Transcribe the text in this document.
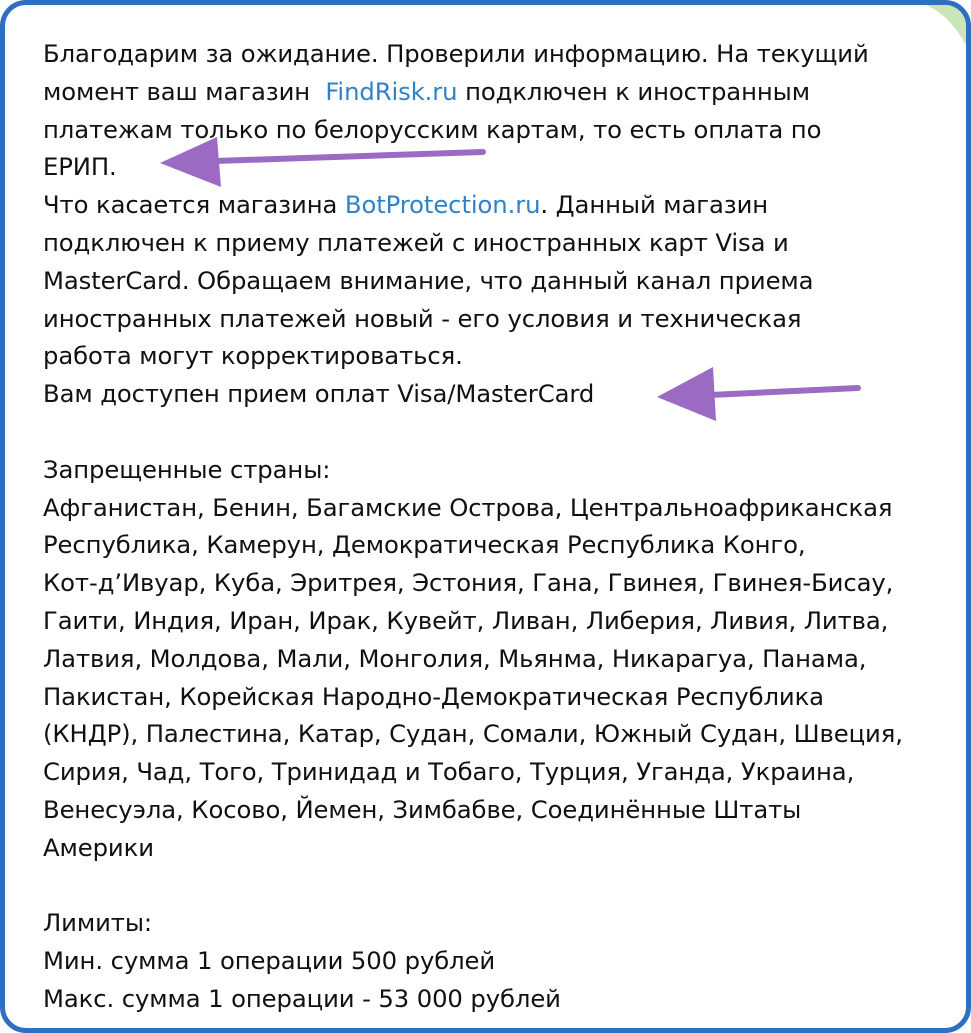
Благодарим за ожидание. Проверили информацию. На текущий
момент ваш магазин  FindRisk.ru подключен к иностранным
платежам только по белорусским картам, то есть оплата по
ЕРИП.
Что касается магазина BotProtection.ru. Данный магазин
подключен к приему платежей с иностранных карт Visa и
MasterCard. Обращаем внимание, что данный канал приема
иностранных платежей новый - его условия и техническая
работа могут корректироваться.
Вам доступен прием оплат Visa/MasterCard
Запрещенные страны:
Афганистан, Бенин, Багамские Острова, Центральноафриканская
Республика, Камерун, Демократическая Республика Конго,
Кот-д’Ивуар, Куба, Эритрея, Эстония, Гана, Гвинея, Гвинея-Бисау,
Гаити, Индия, Иран, Ирак, Кувейт, Ливан, Либерия, Ливия, Литва,
Латвия, Молдова, Мали, Монголия, Мьянма, Никарагуа, Панама,
Пакистан, Корейская Народно-Демократическая Республика
(КНДР), Палестина, Катар, Судан, Сомали, Южный Судан, Швеция,
Сирия, Чад, Того, Тринидад и Тобаго, Турция, Уганда, Украина,
Венесуэла, Косово, Йемен, Зимбабве, Соединённые Штаты
Америки
Лимиты:
Мин. сумма 1 операции 500 рублей
Макс. сумма 1 операции - 53 000 рублей
